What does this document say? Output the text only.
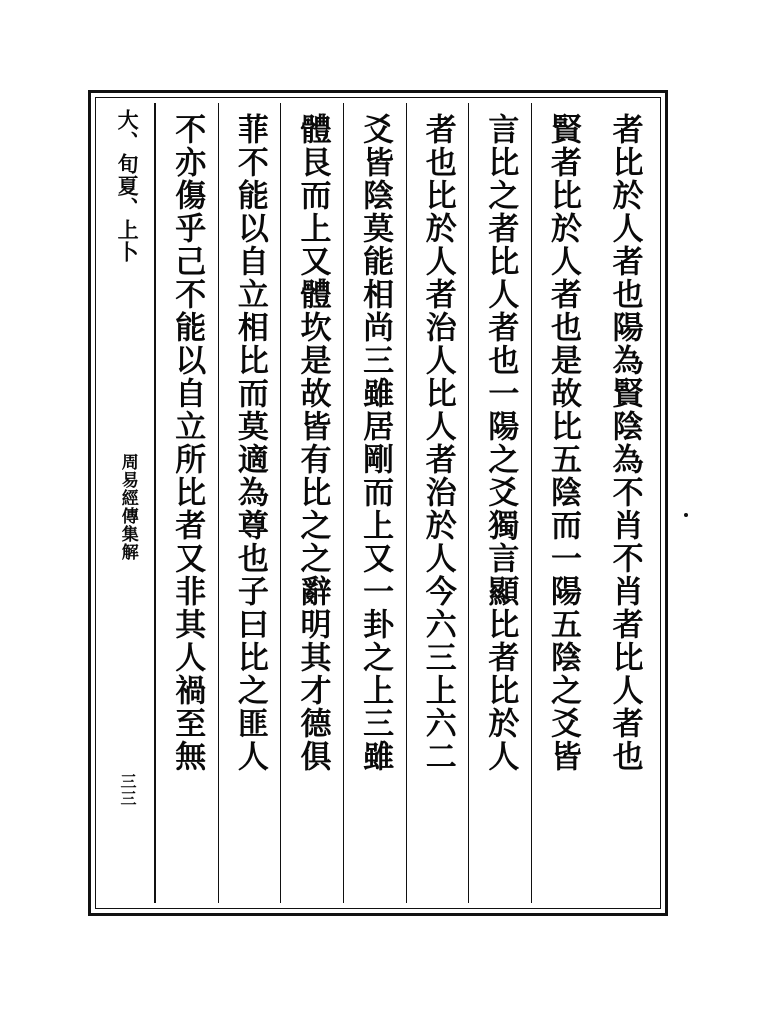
者比於人者也陽為賢陰為不肖不肖者比人者也
賢者比於人者也是故比五陰而一陽五陰之爻皆
言比之者比人者也一陽之爻獨言顯比者比於人
者也比於人者治人比人者治於人今六三上六二
爻皆陰莫能相尚三雖居剛而上又一卦之上三雖
體艮而上又體坎是故皆有比之之辭明其才德俱
菲不能以自立相比而莫適為尊也子曰比之匪人
不亦傷乎己不能以自立所比者又非其人禍至無
大、旬夏、上卜
周易經傳集解
三三
